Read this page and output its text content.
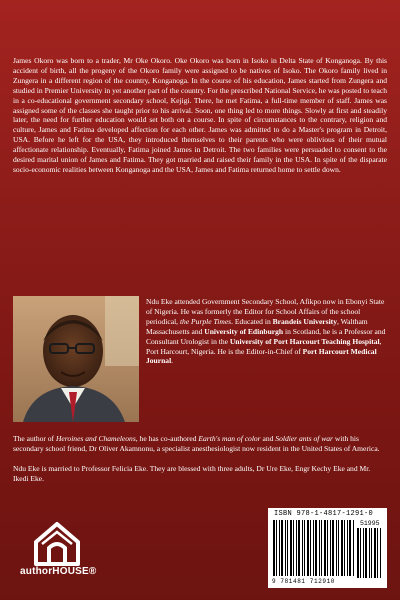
James Okoro was born to a trader, Mr Oke Okoro. Oke Okoro was born in Isoko in Delta State of Konganoga. By this accident of birth, all the progeny of the Okoro family were assigned to be natives of Isoko. The Okoro family lived in Zungera in a different region of the country, Konganoga. In the course of his education, James started from Zungera and studied in Premier University in yet another part of the country. For the prescribed National Service, he was posted to teach in a co-educational government secondary school, Kejigi. There, he met Fatima, a full-time member of staff. James was assigned some of the classes she taught prior to his arrival. Soon, one thing led to more things. Slowly at first and steadily later, the need for further education would set both on a course. In spite of circumstances to the contrary, religion and culture, James and Fatima developed affection for each other. James was admitted to do a Master's program in Detroit, USA. Before he left for the USA, they introduced themselves to their parents who were oblivious of their mutual affectionate relationship. Eventually, Fatima joined James in Detroit. The two families were persuaded to consent to the desired marital union of James and Fatima. They got married and raised their family in the USA. In spite of the disparate socio-economic realities between Konganoga and the USA, James and Fatima returned home to settle down.

Ndu Eke attended Government Secondary School, Afikpo now in Ebonyi State of Nigeria. He was formerly the Editor for School Affairs of the school periodical, the Purple Times. Educated in Brandeis University, Waltham Massachusetts and University of Edinburgh in Scotland, he is a Professor and Consultant Urologist in the University of Port Harcourt Teaching Hospital, Port Harcourt, Nigeria. He is the Editor-in-Chief of Port Harcourt Medical Journal.

The author of Heroines and Chameleons, he has co-authored Earth's man of color and Soldier ants of war with his secondary school friend, Dr Oliver Akamnonu, a specialist anesthesiologist now resident in the United States of America.

Ndu Eke is married to Professor Felicia Eke. They are blessed with three adults, Dr Ure Eke, Engr Kechy Eke and Mr. Ikedi Eke.

authorHOUSE®
ISBN 978-1-4817-1291-0
51995
9 781481 712910
